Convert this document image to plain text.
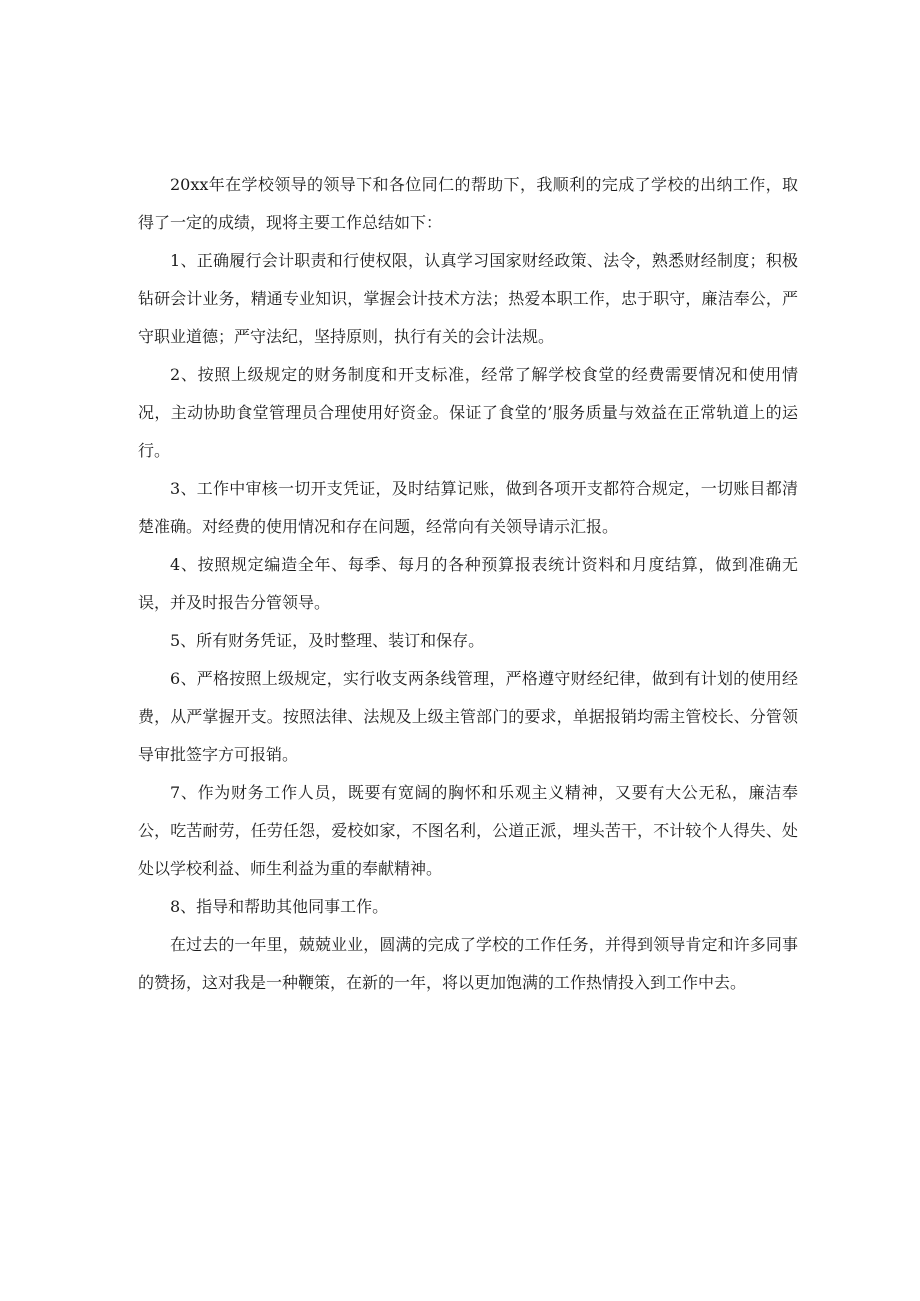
20xx年在学校领导的领导下和各位同仁的帮助下，我顺利的完成了学校的出纳工作，取得了一定的成绩，现将主要工作总结如下：

1、正确履行会计职责和行使权限，认真学习国家财经政策、法令，熟悉财经制度；积极钻研会计业务，精通专业知识，掌握会计技术方法；热爱本职工作，忠于职守，廉洁奉公，严守职业道德；严守法纪，坚持原则，执行有关的会计法规。

2、按照上级规定的财务制度和开支标准，经常了解学校食堂的经费需要情况和使用情况，主动协助食堂管理员合理使用好资金。保证了食堂的’服务质量与效益在正常轨道上的运行。

3、工作中审核一切开支凭证，及时结算记账，做到各项开支都符合规定，一切账目都清楚准确。对经费的使用情况和存在问题，经常向有关领导请示汇报。

4、按照规定编造全年、每季、每月的各种预算报表统计资料和月度结算，做到准确无误，并及时报告分管领导。

5、所有财务凭证，及时整理、装订和保存。

6、严格按照上级规定，实行收支两条线管理，严格遵守财经纪律，做到有计划的使用经费，从严掌握开支。按照法律、法规及上级主管部门的要求，单据报销均需主管校长、分管领导审批签字方可报销。

7、作为财务工作人员，既要有宽阔的胸怀和乐观主义精神，又要有大公无私，廉洁奉公，吃苦耐劳，任劳任怨，爱校如家，不图名利，公道正派，埋头苦干，不计较个人得失、处处以学校利益、师生利益为重的奉献精神。

8、指导和帮助其他同事工作。

在过去的一年里，兢兢业业，圆满的完成了学校的工作任务，并得到领导肯定和许多同事的赞扬，这对我是一种鞭策，在新的一年，将以更加饱满的工作热情投入到工作中去。
